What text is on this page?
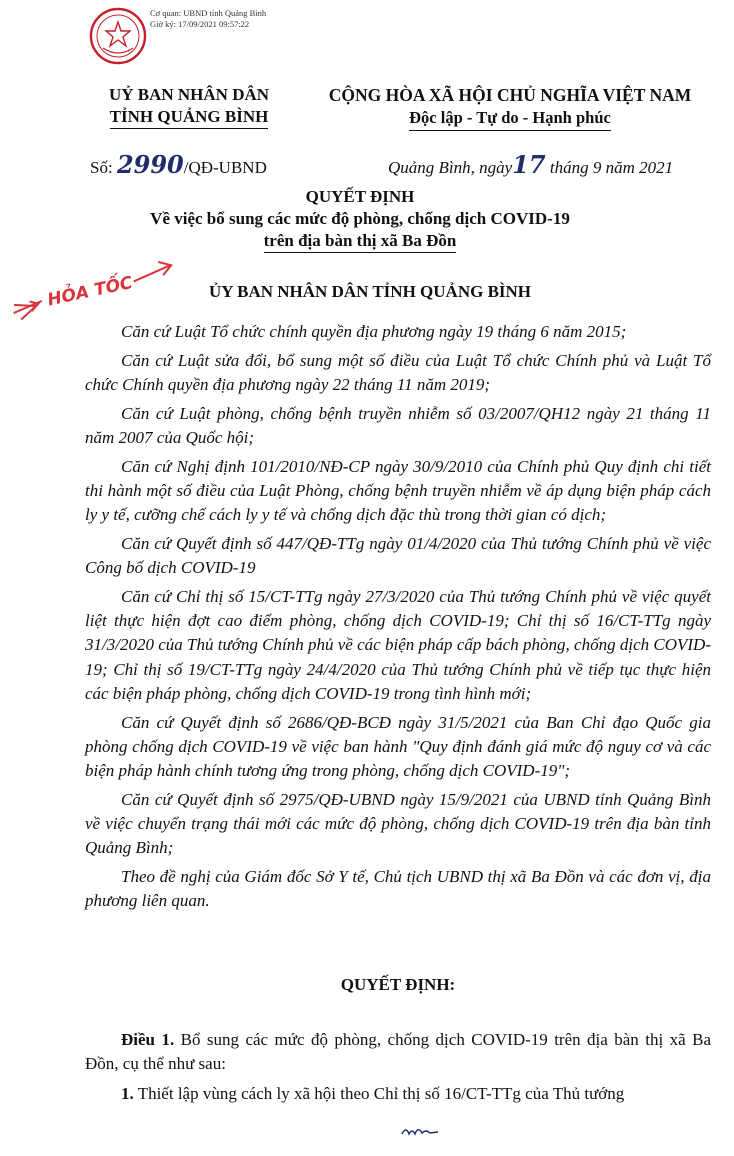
Cơ quan: UBND tỉnh Quảng Bình
Giờ ký: 17/09/2021 09:57:22
UỶ BAN NHÂN DÂN
TỈNH QUẢNG BÌNH
CỘNG HÒA XÃ HỘI CHỦ NGHĨA VIỆT NAM
Độc lập - Tự do - Hạnh phúc
Số: 2990/QĐ-UBND	Quảng Bình, ngày17 tháng 9 năm 2021
QUYẾT ĐỊNH
Về việc bổ sung các mức độ phòng, chống dịch COVID-19
trên địa bàn thị xã Ba Đồn
HỎA TỐC	ỦY BAN NHÂN DÂN TỈNH QUẢNG BÌNH

Căn cứ Luật Tổ chức chính quyền địa phương ngày 19 tháng 6 năm 2015;

Căn cứ Luật sửa đổi, bổ sung một số điều của Luật Tổ chức Chính phủ và Luật Tổ chức Chính quyền địa phương ngày 22 tháng 11 năm 2019;

Căn cứ Luật phòng, chống bệnh truyền nhiễm số 03/2007/QH12 ngày 21 tháng 11 năm 2007 của Quốc hội;

Căn cứ Nghị định 101/2010/NĐ-CP ngày 30/9/2010 của Chính phủ Quy định chi tiết thi hành một số điều của Luật Phòng, chống bệnh truyền nhiễm về áp dụng biện pháp cách ly y tế, cưỡng chế cách ly y tế và chống dịch đặc thù trong thời gian có dịch;

Căn cứ Quyết định số 447/QĐ-TTg ngày 01/4/2020 của Thủ tướng Chính phủ về việc Công bố dịch COVID-19

Căn cứ Chỉ thị số 15/CT-TTg ngày 27/3/2020 của Thủ tướng Chính phủ về việc quyết liệt thực hiện đợt cao điểm phòng, chống dịch COVID-19; Chỉ thị số 16/CT-TTg ngày 31/3/2020 của Thủ tướng Chính phủ về các biện pháp cấp bách phòng, chống dịch COVID-19; Chỉ thị số 19/CT-TTg ngày 24/4/2020 của Thủ tướng Chính phủ về tiếp tục thực hiện các biện pháp phòng, chống dịch COVID-19 trong tình hình mới;

Căn cứ Quyết định số 2686/QĐ-BCĐ ngày 31/5/2021 của Ban Chỉ đạo Quốc gia phòng chống dịch COVID-19 về việc ban hành "Quy định đánh giá mức độ nguy cơ và các biện pháp hành chính tương ứng trong phòng, chống dịch COVID-19";

Căn cứ Quyết định số 2975/QĐ-UBND ngày 15/9/2021 của UBND tỉnh Quảng Bình về việc chuyển trạng thái mới các mức độ phòng, chống dịch COVID-19 trên địa bàn tỉnh Quảng Bình;

Theo đề nghị của Giám đốc Sở Y tế, Chủ tịch UBND thị xã Ba Đồn và các đơn vị, địa phương liên quan.

QUYẾT ĐỊNH:

Điều 1. Bổ sung các mức độ phòng, chống dịch COVID-19 trên địa bàn thị xã Ba Đồn, cụ thể như sau:

1. Thiết lập vùng cách ly xã hội theo Chỉ thị số 16/CT-TTg của Thủ tướng
